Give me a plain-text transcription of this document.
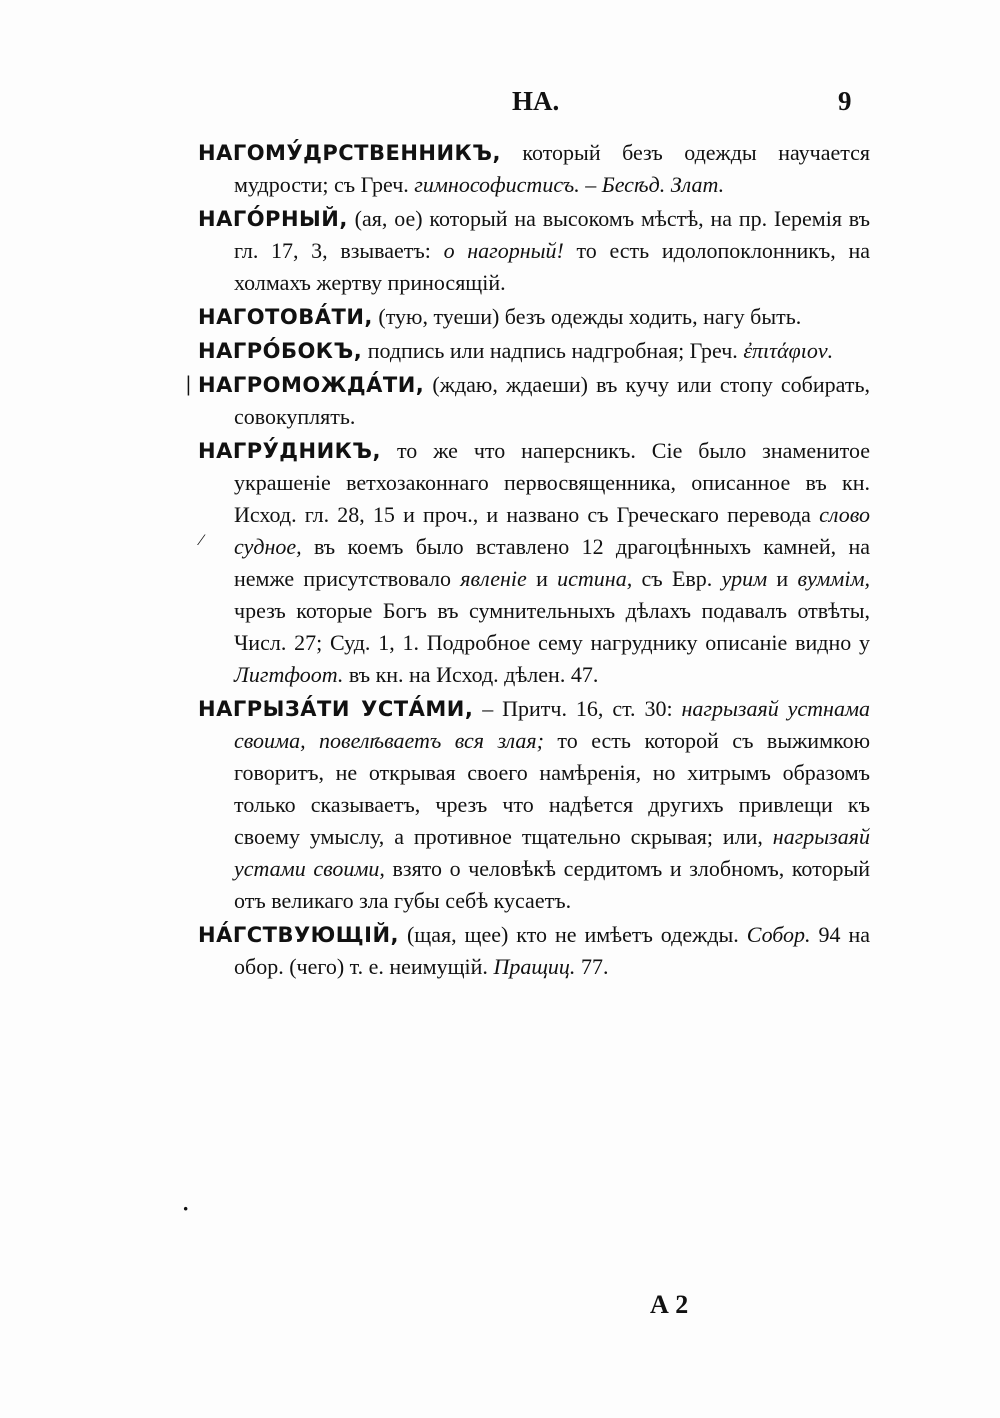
НА.	9

НАГОМУ́ДРСТВЕННИКЪ, который безъ одежды научается мудрости; съ Греч. гимнософистисъ. – Бесѣд. Злат.

НАГО́РНЫЙ, (ая, ое) который на высокомъ мѣстѣ, на пр. Іеремія въ гл. 17, 3, взываетъ: о нагорный! то есть идолопоклонникъ, на холмахъ жертву приносящій.

НАГОТОВА́ТИ, (тую, туеши) безъ одежды ходить, нагу быть.

НАГРО́БОКЪ, подпись или надпись надгробная; Греч. ἐπιτάφιον.

НАГРОМОЖДА́ТИ, (ждаю, ждаеши) въ кучу или стопу собирать, совокуплять.

НАГРУ́ДНИКЪ, то же что наперсникъ. Сіе было знаменитое украшеніе ветхозаконнаго первосвященника, описанное въ кн. Исход. гл. 28, 15 и проч., и названо съ Греческаго перевода слово судное, въ коемъ было вставлено 12 драгоцѣнныхъ камней, на немже присутствовало явленіе и истина, съ Евр. урим и вуммім, чрезъ которые Богъ въ сумнительныхъ дѣлахъ подавалъ отвѣты, Числ. 27; Суд. 1, 1. Подробное сему нагруднику описаніе видно у Лигтфоот. въ кн. на Исход. дѣлен. 47.

НАГРЫЗА́ТИ УСТА́МИ, – Притч. 16, ст. 30: нагрызаяй устнама своима, повелѣваетъ вся злая; то есть которой съ выжимкою говоритъ, не открывая своего намѣренія, но хитрымъ образомъ только сказываетъ, чрезъ что надѣется другихъ привлещи къ своему умыслу, а противное тщательно скрывая; или, нагрызаяй устами своими, взято о человѣкѣ сердитомъ и злобномъ, который отъ великаго зла губы себѣ кусаетъ.

НА́ГСТВУЮЩІЙ, (щая, щее) кто не имѣетъ одежды. Собор. 94 на обор. (чего) т. е. неимущій. Пращиц. 77.

|
⁄
·
А 2
